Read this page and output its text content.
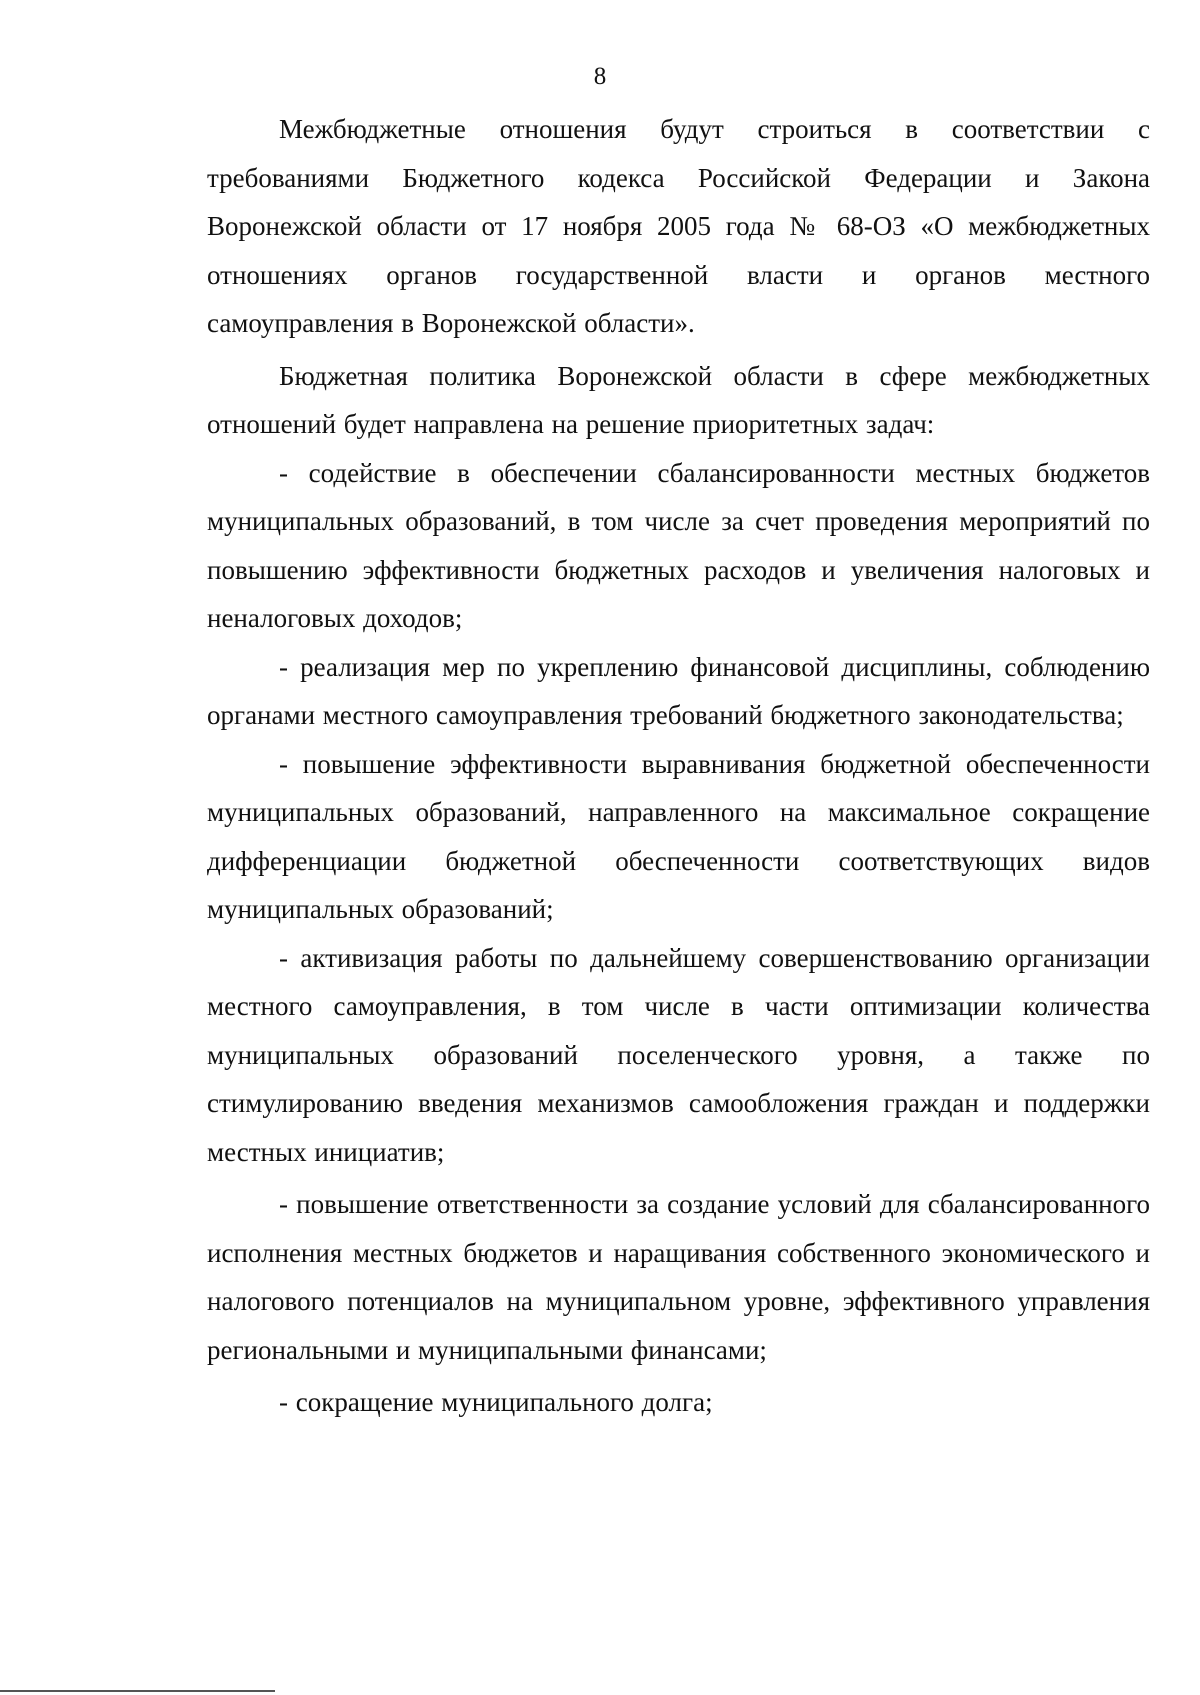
8

Межбюджетные отношения будут строиться в соответствии с требованиями Бюджетного кодекса Российской Федерации и Закона Воронежской области от 17 ноября 2005 года № 68-ОЗ «О межбюджетных отношениях органов государственной власти и органов местного самоуправления в Воронежской области».

Бюджетная политика Воронежской области в сфере межбюджетных отношений будет направлена на решение приоритетных задач:

- содействие в обеспечении сбалансированности местных бюджетов муниципальных образований, в том числе за счет проведения мероприятий по повышению эффективности бюджетных расходов и увеличения налоговых и неналоговых доходов;

- реализация мер по укреплению финансовой дисциплины, соблюдению органами местного самоуправления требований бюджетного законодательства;

- повышение эффективности выравнивания бюджетной обеспеченности муниципальных образований, направленного на максимальное сокращение дифференциации бюджетной обеспеченности соответствующих видов муниципальных образований;

- активизация работы по дальнейшему совершенствованию организации местного самоуправления, в том числе в части оптимизации количества муниципальных образований поселенческого уровня, а также по стимулированию введения механизмов самообложения граждан и поддержки местных инициатив;

- повышение ответственности за создание условий для сбалансированного исполнения местных бюджетов и наращивания собственного экономического и налогового потенциалов на муниципальном уровне, эффективного управления региональными и муниципальными финансами;

- сокращение муниципального долга;
